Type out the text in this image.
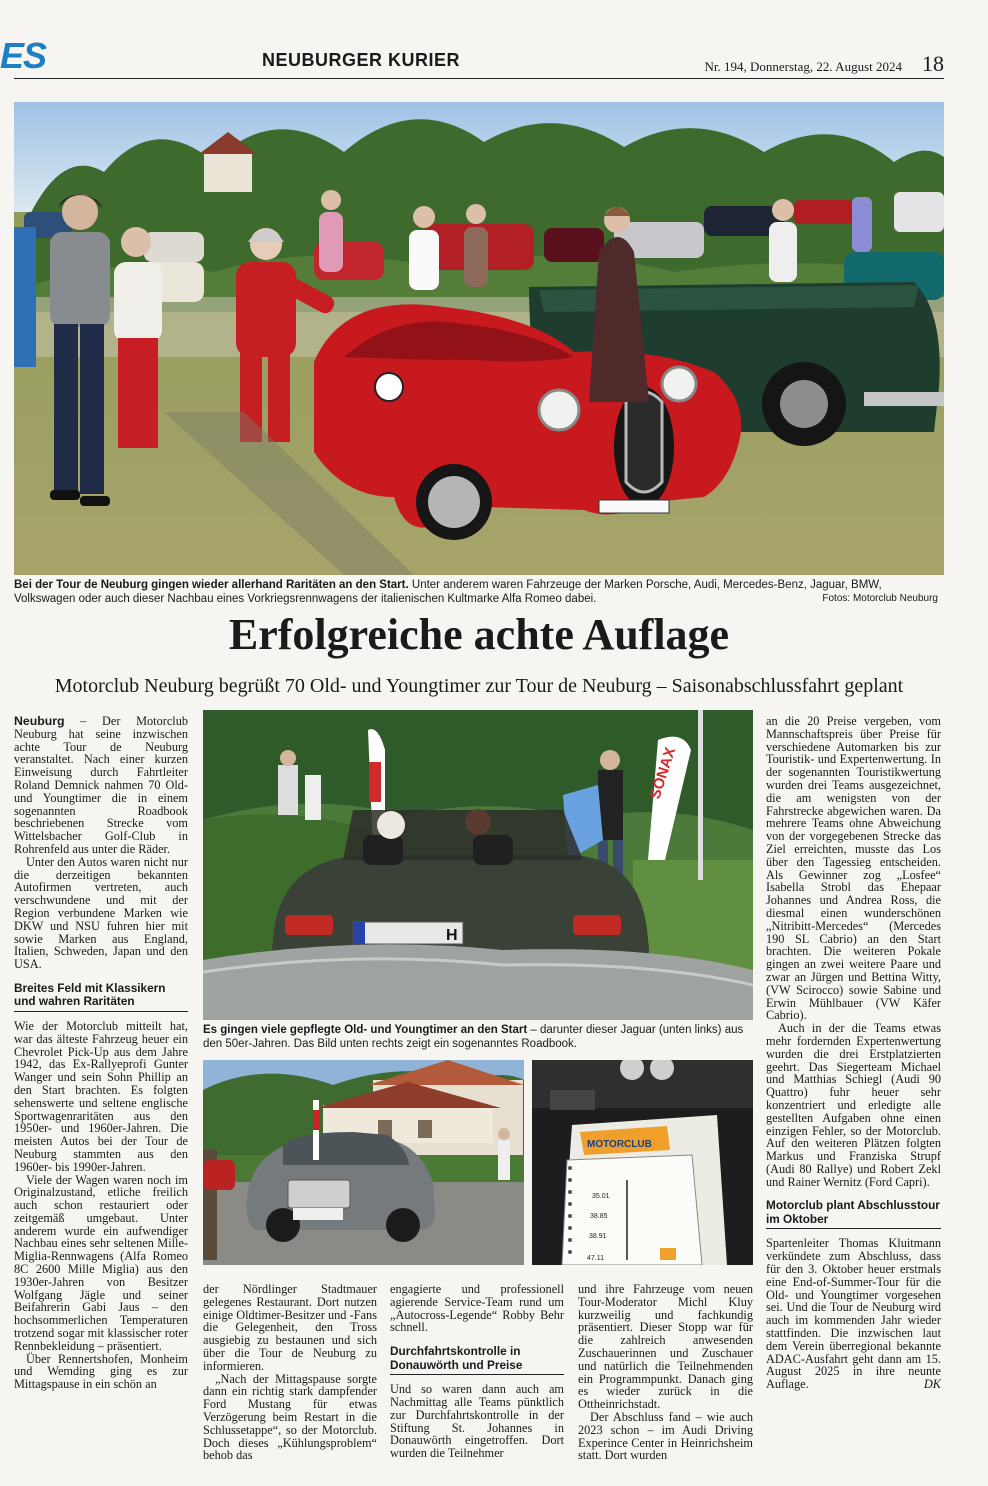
ES	NEUBURGER KURIER	Nr. 194, Donnerstag, 22. August 2024 18
Bei der Tour de Neuburg gingen wieder allerhand Raritäten an den Start. Unter anderem waren Fahrzeuge der Marken Porsche, Audi, Mercedes-Benz, Jaguar, BMW, Volkswagen oder auch dieser Nachbau eines Vorkriegsrennwagens der italienischen Kultmarke Alfa Romeo dabei.	Fotos: Motorclub Neuburg
Erfolgreiche achte Auflage
Motorclub Neuburg begrüßt 70 Old- und Youngtimer zur Tour de Neuburg – Saisonabschlussfahrt geplant
SONAX
H
Es gingen viele gepflegte Old- und Youngtimer an den Start – darunter dieser Jaguar (unten links) aus den 50er-Jahren. Das Bild unten rechts zeigt ein sogenanntes Roadbook.
MOTORCLUB
35.01
38.85
38.91
47.11

Neuburg – Der Motorclub Neuburg hat seine inzwischen achte Tour de Neuburg veranstaltet. Nach einer kurzen Einweisung durch Fahrtleiter Roland Demnick nahmen 70 Old- und Youngtimer die in einem sogenannten Roadbook beschriebenen Strecke vom Wittelsbacher Golf-Club in Rohrenfeld aus unter die Räder.

Unter den Autos waren nicht nur die derzeitigen bekannten Autofirmen vertreten, auch verschwundene und mit der Region verbundene Marken wie DKW und NSU fuhren hier mit sowie Marken aus England, Italien, Schweden, Japan und den USA.

Breites Feld mit Klassikern und wahren Raritäten

Wie der Motorclub mitteilt hat, war das älteste Fahrzeug heuer ein Chevrolet Pick-Up aus dem Jahre 1942, das Ex-Rallyeprofi Gunter Wanger und sein Sohn Phillip an den Start brachten. Es folgten sehenswerte und seltene englische Sportwagenraritäten aus den 1950er- und 1960er-Jahren. Die meisten Autos bei der Tour de Neuburg stammten aus den 1960er- bis 1990er-Jahren.

Viele der Wagen waren noch im Originalzustand, etliche freilich auch schon restauriert oder zeitgemäß umgebaut. Unter anderem wurde ein aufwendiger Nachbau eines sehr seltenen Mille-Miglia-Rennwagens (Alfa Romeo 8C 2600 Mille Miglia) aus den 1930er-Jahren von Besitzer Wolfgang Jägle und seiner Beifahrerin Gabi Jaus – den hochsommerlichen Temperaturen trotzend sogar mit klassischer roter Rennbekleidung – präsentiert.

Über Rennertshofen, Monheim und Wemding ging es zur Mittagspause in ein schön an

der Nördlinger Stadtmauer gelegenes Restaurant. Dort nutzen einige Oldtimer-Besitzer und -Fans die Gelegenheit, den Tross ausgiebig zu bestaunen und sich über die Tour de Neuburg zu informieren.

„Nach der Mittagspause sorgte dann ein richtig stark dampfender Ford Mustang für etwas Verzögerung beim Restart in die Schlussetappe“, so der Motorclub. Doch dieses „Kühlungsproblem“ behob das

engagierte und professionell agierende Service-Team rund um „Autocross-Legende“ Robby Behr schnell.

Durchfahrtskontrolle in Donauwörth und Preise

Und so waren dann auch am Nachmittag alle Teams pünktlich zur Durchfahrtskontrolle in der Stiftung St. Johannes in Donauwörth eingetroffen. Dort wurden die Teilnehmer

und ihre Fahrzeuge vom neuen Tour-Moderator Michl Kluy kurzweilig und fachkundig präsentiert. Dieser Stopp war für die zahlreich anwesenden Zuschauerinnen und Zuschauer und natürlich die Teilnehmenden ein Programmpunkt. Danach ging es wieder zurück in die Ottheinrichstadt.

Der Abschluss fand – wie auch 2023 schon – im Audi Driving Experince Center in Heinrichsheim statt. Dort wurden

an die 20 Preise vergeben, vom Mannschaftspreis über Preise für verschiedene Automarken bis zur Touristik- und Expertenwertung. In der sogenannten Touristikwertung wurden drei Teams ausgezeichnet, die am wenigsten von der Fahrstrecke abgewichen waren. Da mehrere Teams ohne Abweichung von der vorgegebenen Strecke das Ziel erreichten, musste das Los über den Tagessieg entscheiden. Als Gewinner zog „Losfee“ Isabella Strobl das Ehepaar Johannes und Andrea Ross, die diesmal einen wunderschönen „Nitribitt-Mercedes“ (Mercedes 190 SL Cabrio) an den Start brachten. Die weiteren Pokale gingen an zwei weitere Paare und zwar an Jürgen und Bettina Witty, (VW Scirocco) sowie Sabine und Erwin Mühlbauer (VW Käfer Cabrio).

Auch in der die Teams etwas mehr fordernden Expertenwertung wurden die drei Erstplatzierten geehrt. Das Siegerteam Michael und Matthias Schiegl (Audi 90 Quattro) fuhr heuer sehr konzentriert und erledigte alle gestellten Aufgaben ohne einen einzigen Fehler, so der Motorclub. Auf den weiteren Plätzen folgten Markus und Franziska Strupf (Audi 80 Rallye) und Robert Zekl und Rainer Wernitz (Ford Capri).

Motorclub plant Abschlusstour im Oktober

Spartenleiter Thomas Kluitmann verkündete zum Abschluss, dass für den 3. Oktober heuer erstmals eine End-of-Summer-Tour für die Old- und Youngtimer vorgesehen sei. Und die Tour de Neuburg wird auch im kommenden Jahr wieder stattfinden. Die inzwischen laut dem Verein überregional bekannte ADAC-Ausfahrt geht dann am 15. August 2025 in ihre neunte Auflage.	DK
